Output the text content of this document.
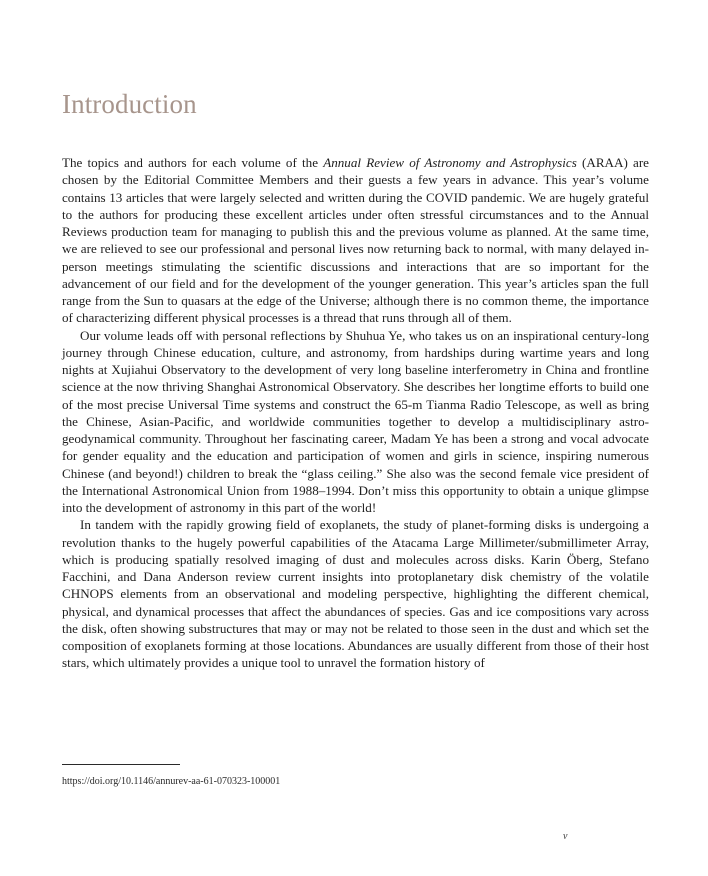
Introduction

The topics and authors for each volume of the Annual Review of Astronomy and Astrophysics (ARAA) are chosen by the Editorial Committee Members and their guests a few years in advance. This year’s volume contains 13 articles that were largely selected and written during the COVID pandemic. We are hugely grateful to the authors for producing these excellent articles under often stressful circumstances and to the Annual Reviews production team for managing to publish this and the previous volume as planned. At the same time, we are relieved to see our professional and personal lives now returning back to normal, with many delayed in-person meetings stimulating the scientific discussions and interactions that are so important for the advancement of our field and for the development of the younger generation. This year’s articles span the full range from the Sun to quasars at the edge of the Universe; although there is no common theme, the importance of characterizing different physical processes is a thread that runs through all of them.

Our volume leads off with personal reflections by Shuhua Ye, who takes us on an inspirational century-long journey through Chinese education, culture, and astronomy, from hardships during wartime years and long nights at Xujiahui Observatory to the development of very long baseline interferometry in China and frontline science at the now thriving Shanghai Astronomical Observatory. She describes her longtime efforts to build one of the most precise Universal Time systems and construct the 65-m Tianma Radio Telescope, as well as bring the Chinese, Asian-Pacific, and worldwide communities together to develop a multidisciplinary astro-geodynamical community. Throughout her fascinating career, Madam Ye has been a strong and vocal advocate for gender equality and the education and participation of women and girls in science, inspiring numerous Chinese (and beyond!) children to break the “glass ceiling.” She also was the second female vice president of the International Astronomical Union from 1988–1994. Don’t miss this opportunity to obtain a unique glimpse into the development of astronomy in this part of the world!

In tandem with the rapidly growing field of exoplanets, the study of planet-forming disks is undergoing a revolution thanks to the hugely powerful capabilities of the Atacama Large Millimeter/submillimeter Array, which is producing spatially resolved imaging of dust and molecules across disks. Karin Öberg, Stefano Facchini, and Dana Anderson review current insights into protoplanetary disk chemistry of the volatile CHNOPS elements from an observational and modeling perspective, highlighting the different chemical, physical, and dynamical processes that affect the abundances of species. Gas and ice compositions vary across the disk, often showing substructures that may or may not be related to those seen in the dust and which set the composition of exoplanets forming at those locations. Abundances are usually different from those of their host stars, which ultimately provides a unique tool to unravel the formation history of

https://doi.org/10.1146/annurev-aa-61-070323-100001
v
